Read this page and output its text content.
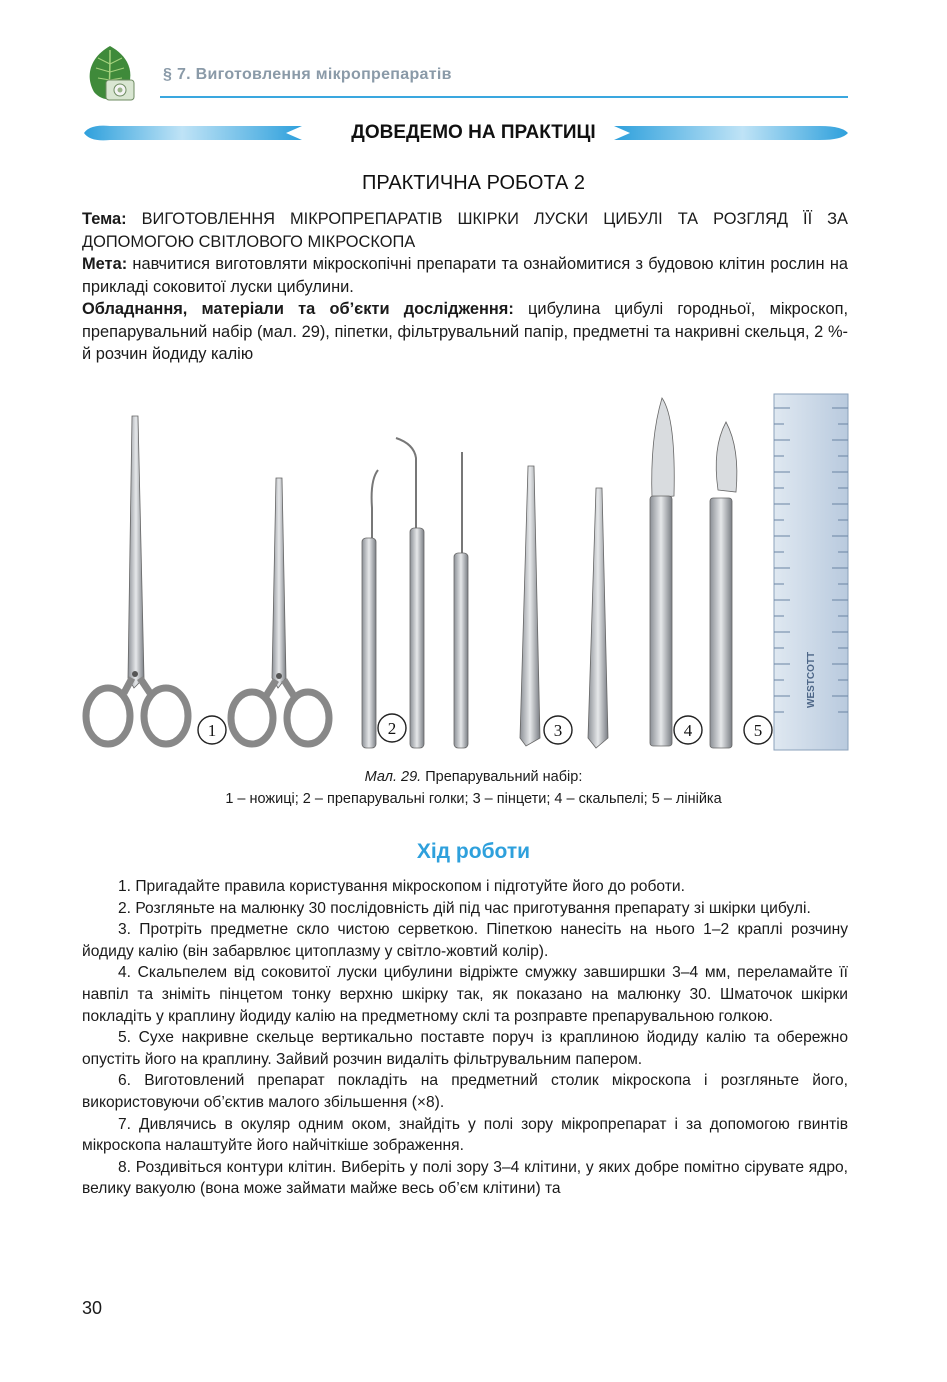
§ 7. Виготовлення мікропрепаратів
ДОВЕДЕМО НА ПРАКТИЦІ
ПРАКТИЧНА РОБОТА 2

Тема: ВИГОТОВЛЕННЯ МІКРОПРЕПАРАТІВ ШКІРКИ ЛУСКИ ЦИБУЛІ ТА РОЗГЛЯД ЇЇ ЗА ДОПОМОГОЮ СВІТЛОВОГО МІКРОСКОПА

Мета: навчитися виготовляти мікроскопічні препарати та ознайомитися з будовою клітин рослин на прикладі соковитої луски цибулини.

Обладнання, матеріали та об’єкти дослідження: цибулина цибулі городньої, мікроскоп, препарувальний набір (мал. 29), піпетки, фільтрувальний папір, предметні та накривні скельця, 2 %-й розчин йодиду калію

WESTCOTT
1	2	3	4	5
Мал. 29. Препарувальний набір:
1 – ножиці; 2 – препарувальні голки; 3 – пінцети; 4 – скальпелі; 5 – лінійка
Хід роботи

1. Пригадайте правила користування мікроскопом і підготуйте його до роботи.

2. Розгляньте на малюнку 30 послідовність дій під час приготування препарату зі шкірки цибулі.

3. Протріть предметне скло чистою серветкою. Піпеткою нанесіть на нього 1–2 краплі розчину йодиду калію (він забарвлює цитоплазму у світло-жовтий колір).

4. Скальпелем від соковитої луски цибулини відріжте смужку завширшки 3–4 мм, переламайте її навпіл та зніміть пінцетом тонку верхню шкірку так, як показано на малюнку 30. Шматочок шкірки покладіть у краплину йодиду калію на предметному склі та розправте препарувальною голкою.

5. Сухе накривне скельце вертикально поставте поруч із краплиною йодиду калію та обережно опустіть його на краплину. Зайвий розчин видаліть фільтрувальним папером.

6. Виготовлений препарат покладіть на предметний столик мікроскопа і розгляньте його, використовуючи об’єктив малого збільшення (×8).

7. Дивлячись в окуляр одним оком, знайдіть у полі зору мікропрепарат і за допомогою гвинтів мікроскопа налаштуйте його найчіткіше зображення.

8. Роздивіться контури клітин. Виберіть у полі зору 3–4 клітини, у яких добре помітно сірувате ядро, велику вакуолю (вона може займати майже весь об’єм клітини) та

30
